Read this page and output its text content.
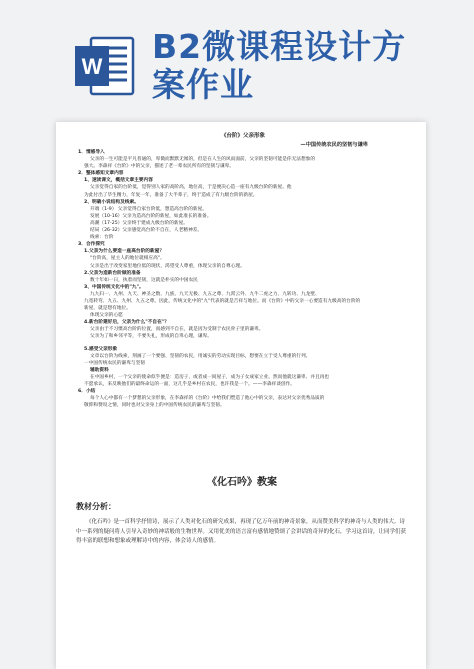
W
B2微课程设计方
案作业
《台阶》父亲形象
—中国传统农民的坚韧与谦卑
1．情感导入
父亲的一生可能是平凡普通的，卑微而默默无闻的，但是在人生的风雨面前，父亲的坚韧可能是你无法想象的
强大。李森祥《台阶》中的父亲，描述了老一辈农民所有的坚韧与谦卑。
2．整体感知文章内容
1、速读课文，概括文章主要内容
父亲觉得自家的台阶低，觉得别人家的高阶高，地位高，于是便决心造一座有九级台阶的新屋。他
为此付出了毕生精力，年复一年，准备了大半辈子，终于造成了有九级台阶的新屋。
2、明确小说结构及线索。
开端（1-9） 父亲觉得自家台阶低，想造高台阶的新屋。
发展（10-16）父亲为造高台阶的新屋，如此准长的准备。
高潮（17-25）父亲终于建成九级台阶的新屋。
结局（26-32）父亲感觉高台阶不自在，人老精神差。
线索：台阶
3．合作探究
1.父亲为什么要造一座高台阶的新屋？
"台阶高，屋主人的地位就相应高"。
父亲是出于改变家里地位低的现状，渴望受人尊重，体现父亲的自尊心理。
2.父亲为造新台阶做的准备
数十年如一日，执着而坚韧，这就是朴实的中国农民
3、中国传统文化中的"九"。
九九归一、九州、九天、神圣之数、九族、九天无极、九五之尊、九霄云外、九牛二虎之力、九转功、九龙壁、
九宽转弯、九五、九州、九五之尊。因此，传统文化中的"九"代表的就是吉祥与地位。而《台阶》中的父亲一心要造有九级高的台阶的
新屋，就是想有地位。
体现父亲的心愿
4.新台阶建好后，父亲为什么"不自在"？
父亲由于不习惯高台阶的位置，而感到不自在，就是因为受制于农民骨子里的谦卑。
父亲为了和乡邻平等，不要失礼，形成的自卑心理，谦卑。
5.感受父亲形象
文章以台阶为线索，刻画了一个要强、坚韧的农民，用诚实的劳动实现目标，想要在立于受人尊重的行列。
一中国传统农民的谦卑与坚韧
辅助资料
在中国乡村，一个父亲的使命似乎便是：造房子，或者成一间屋子，成为子女成家立业。然而他就这谦卑、并且再也
不愿承认，来反映他们的最终命运的一面，这几乎是乡村在农民，也许我是一个。——李森祥谈创作。
6．小结
每个人心中都有一个梦想的父亲形象，在李森祥的《台阶》中给我们塑造了他心中的父亲，表达对父亲优秀品质的
敬仰和赞叹之情，同时也对父亲身上的中国传统农民的谦卑与坚韧。
《化石吟》教案
教材分析：
《化石吟》是一首科学抒情诗，展示了人类对化石的研究成果，再现了亿万年前的神奇景象，从而赞美科学的神奇与人类的伟大。诗中一系列的疑问将人引导入奇妙的神话般的生物世界。又用优美的语言富有感情地赞颂了会讲话的奇异的化石，学习这首诗，让同学们获得丰富的联想和想象或理解诗中的内容，体会诗人的感情。
